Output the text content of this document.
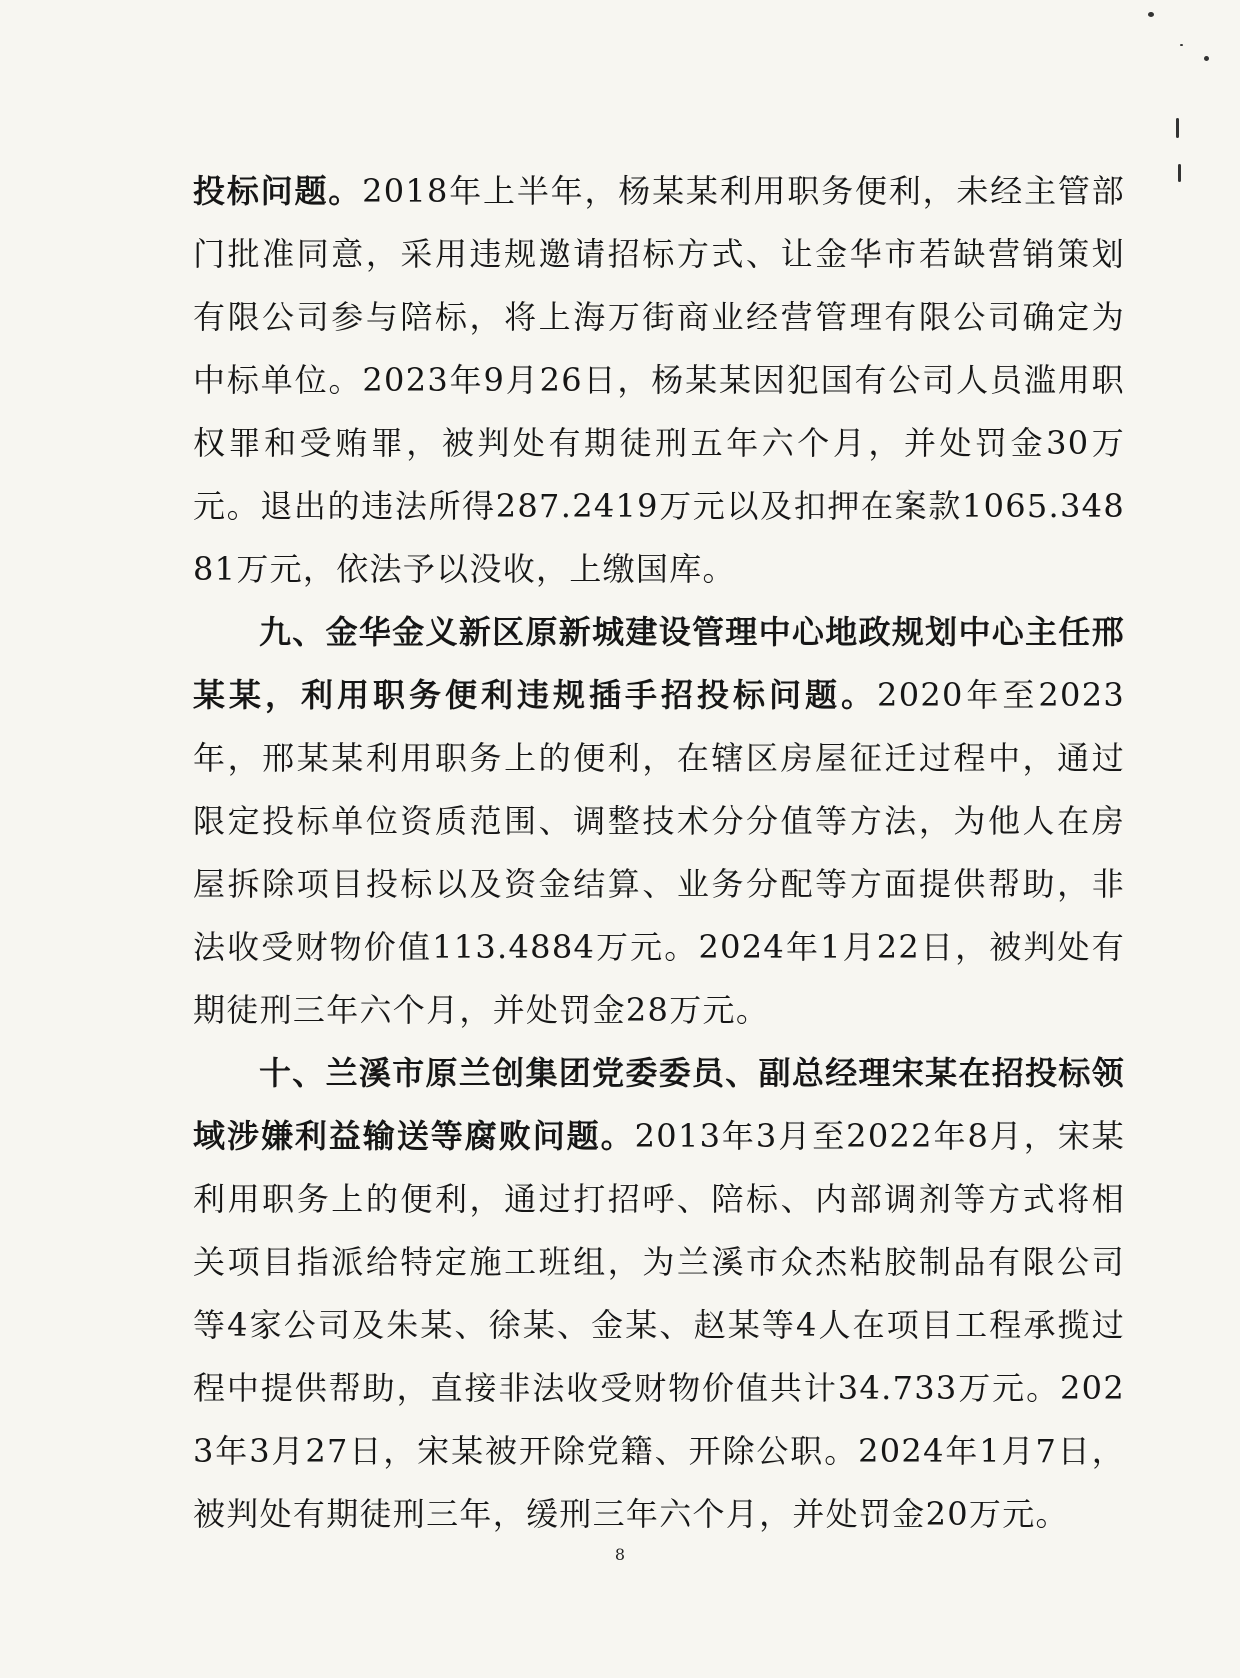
投标问题。2018年上半年，杨某某利用职务便利，未经主管部门批准同意，采用违规邀请招标方式、让金华市若缺营销策划有限公司参与陪标，将上海万街商业经营管理有限公司确定为中标单位。2023年9月26日，杨某某因犯国有公司人员滥用职权罪和受贿罪，被判处有期徒刑五年六个月，并处罚金30万元。退出的违法所得287.2419万元以及扣押在案款1065.34881万元，依法予以没收，上缴国库。

九、金华金义新区原新城建设管理中心地政规划中心主任邢某某，利用职务便利违规插手招投标问题。2020年至2023年，邢某某利用职务上的便利，在辖区房屋征迁过程中，通过限定投标单位资质范围、调整技术分分值等方法，为他人在房屋拆除项目投标以及资金结算、业务分配等方面提供帮助，非法收受财物价值113.4884万元。2024年1月22日，被判处有期徒刑三年六个月，并处罚金28万元。

十、兰溪市原兰创集团党委委员、副总经理宋某在招投标领域涉嫌利益输送等腐败问题。2013年3月至2022年8月，宋某利用职务上的便利，通过打招呼、陪标、内部调剂等方式将相关项目指派给特定施工班组，为兰溪市众杰粘胶制品有限公司等4家公司及朱某、徐某、金某、赵某等4人在项目工程承揽过程中提供帮助，直接非法收受财物价值共计34.733万元。2023年3月27日，宋某被开除党籍、开除公职。2024年1月7日，被判处有期徒刑三年，缓刑三年六个月，并处罚金20万元。

8
